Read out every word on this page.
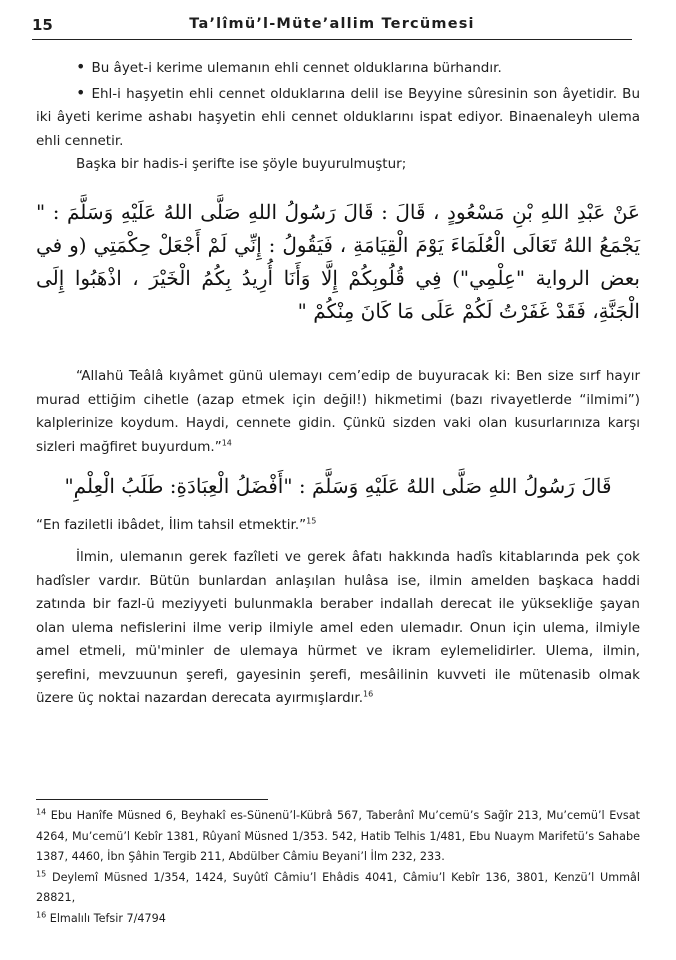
15	Ta’lîmü’l-Müte’allim Tercümesi

• Bu âyet-i kerime ulemanın ehli cennet olduklarına bürhandır.

• Ehl-i haşyetin ehli cennet olduklarına delil ise Beyyine sûresinin son âyetidir. Bu iki âyeti kerime ashabı haşyetin ehli cennet olduklarını ispat ediyor. Binaenaleyh ulema ehli cennetir.

Başka bir hadis-i şerifte ise şöyle buyurulmuştur;

عَنْ عَبْدِ اللهِ بْنِ مَسْعُودٍ ، قَالَ : قَالَ رَسُولُ اللهِ صَلَّى اللهُ عَلَيْهِ وَسَلَّمَ : " يَجْمَعُ اللهُ تَعَالَى الْعُلَمَاءَ يَوْمَ الْقِيَامَةِ ، فَيَقُولُ : إِنِّي لَمْ أَجْعَلْ حِكْمَتِي (و في بعض الرواية "عِلْمِي") فِي قُلُوبِكُمْ إِلَّا وَأَنَا أُرِيدُ بِكُمُ الْخَيْرَ ، اذْهَبُوا إِلَى الْجَنَّةِ، فَقَدْ غَفَرْتُ لَكُمْ عَلَى مَا كَانَ مِنْكُمْ "

“Allahü Teâlâ kıyâmet günü ulemayı cem’edip de buyuracak ki: Ben size sırf hayır murad ettiğim cihetle (azap etmek için değil!) hikmetimi (bazı rivayetlerde “ilmimi”) kalplerinize koydum. Haydi, cennete gidin. Çünkü sizden vaki olan kusurlarınıza karşı sizleri mağfiret buyurdum.”$^{14}$

قَالَ رَسُولُ اللهِ صَلَّى اللهُ عَلَيْهِ وَسَلَّمَ : "أَفْضَلُ الْعِبَادَةِ: طَلَبُ الْعِلْمِ"

“En faziletli ibâdet, İlim tahsil etmektir.”$^{15}$

İlmin, ulemanın gerek fazîleti ve gerek âfatı hakkında hadîs kitablarında pek çok hadîsler vardır. Bütün bunlardan anlaşılan hulâsa ise, ilmin amelden başkaca haddi zatında bir fazl-ü meziyyeti bulunmakla beraber indallah derecat ile yüksekliğe şayan olan ulema nefislerini ilme verip ilmiyle amel eden ulemadır. Onun için ulema, ilmiyle amel etmeli, mü'minler de ulemaya hürmet ve ikram eylemelidirler. Ulema, ilmin, şerefini, mevzuunun şerefi, gayesinin şerefi, mesâilinin kuvveti ile mütenasib olmak üzere üç noktai nazardan derecata ayırmışlardır.$^{16}$

$^{14}$ Ebu Hanîfe Müsned 6, Beyhakî es-Sünenü’l-Kübrâ 567, Taberânî Mu’cemü’s Sağîr 213, Mu’cemü’l Evsat 4264, Mu’cemü’l Kebîr 1381, Rûyanî Müsned 1/353. 542, Hatib Telhis 1/481, Ebu Nuaym Marifetü’s Sahabe 1387, 4460, İbn Şâhin Tergib 211, Abdülber Câmiu Beyani’l İlm 232, 233.

$^{15}$ Deylemî Müsned 1/354, 1424, Suyûtî Câmiu’l Ehâdis 4041, Câmiu’l Kebîr 136, 3801, Kenzü’l Ummâl 28821,

$^{16}$ Elmalılı Tefsir 7/4794
